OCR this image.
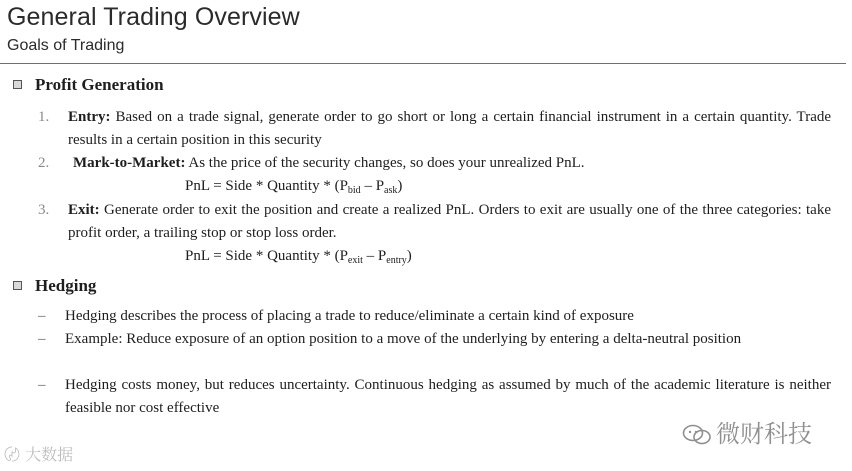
General Trading Overview
Goals of Trading
Profit Generation
1. Entry: Based on a trade signal, generate order to go short or long a certain financial instrument in a certain quantity. Trade results in a certain position in this security
2. Mark-to-Market: As the price of the security changes, so does your unrealized PnL.
PnL = Side * Quantity * $(P_{bid} - P_{ask})$
3. Exit: Generate order to exit the position and create a realized PnL. Orders to exit are usually one of the three categories: take profit order, a trailing stop or stop loss order.
PnL = Side * Quantity * $(P_{exit} - P_{entry})$
Hedging
– Hedging describes the process of placing a trade to reduce/eliminate a certain kind of exposure
– Example: Reduce exposure of an option position to a move of the underlying by entering a delta-neutral position
– Hedging costs money, but reduces uncertainty. Continuous hedging as assumed by much of the academic literature is neither feasible nor cost effective
〄 大数据
微财科技
